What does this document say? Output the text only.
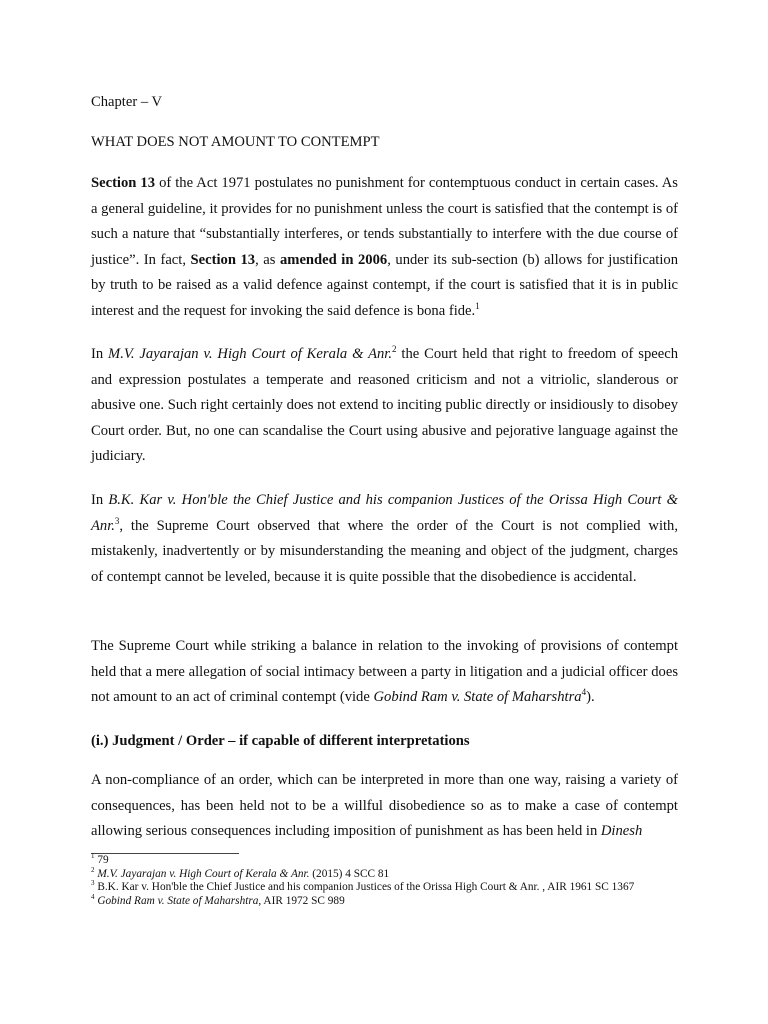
Chapter – V
WHAT DOES NOT AMOUNT TO CONTEMPT

Section 13 of the Act 1971 postulates no punishment for contemptuous conduct in certain cases. As a general guideline, it provides for no punishment unless the court is satisfied that the contempt is of such a nature that “substantially interferes, or tends substantially to interfere with the due course of justice”. In fact, Section 13, as amended in 2006, under its sub-section (b) allows for justification by truth to be raised as a valid defence against contempt, if the court is satisfied that it is in public interest and the request for invoking the said defence is bona fide.$^1$

In M.V. Jayarajan v. High Court of Kerala & Anr.$^2$ the Court held that right to freedom of speech and expression postulates a temperate and reasoned criticism and not a vitriolic, slanderous or abusive one. Such right certainly does not extend to inciting public directly or insidiously to disobey Court order. But, no one can scandalise the Court using abusive and pejorative language against the judiciary.

In B.K. Kar v. Hon'ble the Chief Justice and his companion Justices of the Orissa High Court & Anr.$^3$, the Supreme Court observed that where the order of the Court is not complied with, mistakenly, inadvertently or by misunderstanding the meaning and object of the judgment, charges of contempt cannot be leveled, because it is quite possible that the disobedience is accidental.

The Supreme Court while striking a balance in relation to the invoking of provisions of contempt held that a mere allegation of social intimacy between a party in litigation and a judicial officer does not amount to an act of criminal contempt (vide Gobind Ram v. State of Maharshtra$^4$).

(i.) Judgment / Order – if capable of different interpretations

A non-compliance of an order, which can be interpreted in more than one way, raising a variety of consequences, has been held not to be a willful disobedience so as to make a case of contempt allowing serious consequences including imposition of punishment as has been held in Dinesh

$^1$ 79

$^2$ M.V. Jayarajan v. High Court of Kerala & Anr. (2015) 4 SCC 81

$^3$ B.K. Kar v. Hon'ble the Chief Justice and his companion Justices of the Orissa High Court & Anr. , AIR 1961 SC 1367

$^4$ Gobind Ram v. State of Maharshtra, AIR 1972 SC 989
